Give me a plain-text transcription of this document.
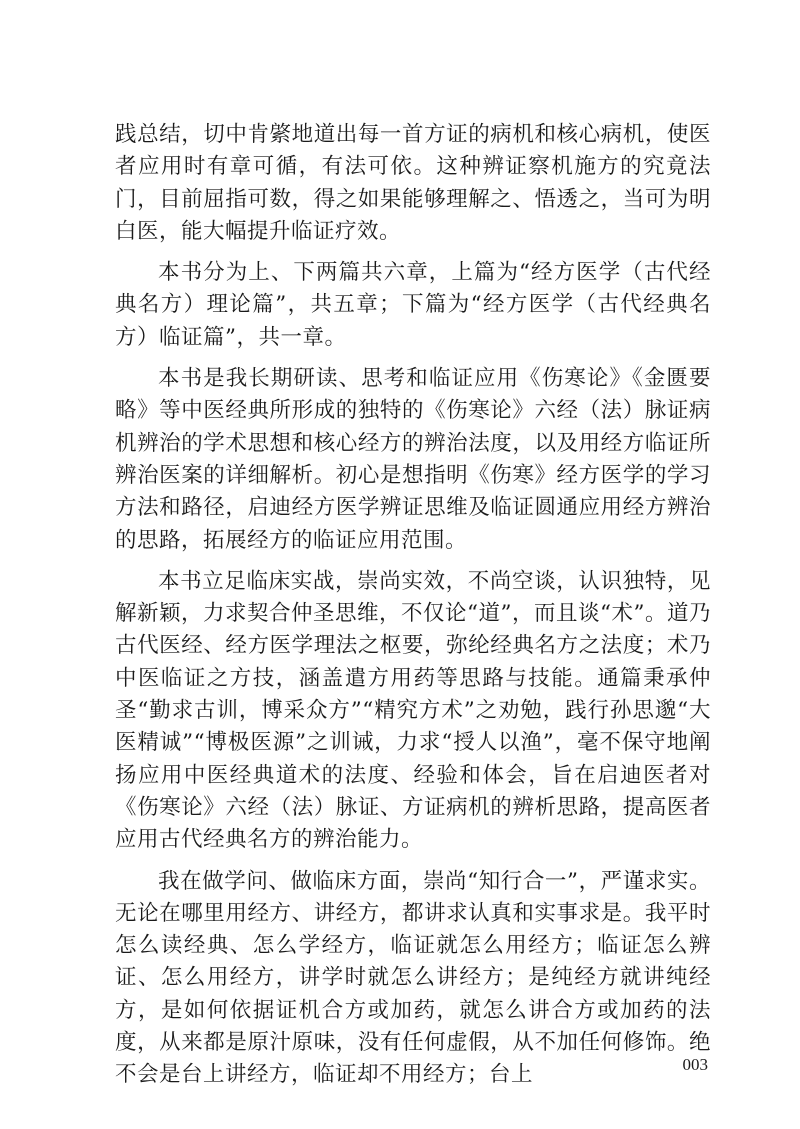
践总结，切中肯綮地道出每一首方证的病机和核心病机，使医者应用时有章可循，有法可依。这种辨证察机施方的究竟法门，目前屈指可数，得之如果能够理解之、悟透之，当可为明白医，能大幅提升临证疗效。

本书分为上、下两篇共六章，上篇为“经方医学（古代经典名方）理论篇”，共五章；下篇为“经方医学（古代经典名方）临证篇”，共一章。

本书是我长期研读、思考和临证应用《伤寒论》《金匮要略》等中医经典所形成的独特的《伤寒论》六经（法）脉证病机辨治的学术思想和核心经方的辨治法度，以及用经方临证所辨治医案的详细解析。初心是想指明《伤寒》经方医学的学习方法和路径，启迪经方医学辨证思维及临证圆通应用经方辨治的思路，拓展经方的临证应用范围。

本书立足临床实战，崇尚实效，不尚空谈，认识独特，见解新颖，力求契合仲圣思维，不仅论“道”，而且谈“术”。道乃古代医经、经方医学理法之枢要，弥纶经典名方之法度；术乃中医临证之方技，涵盖遣方用药等思路与技能。通篇秉承仲圣“勤求古训，博采众方”“精究方术”之劝勉，践行孙思邈“大医精诚”“博极医源”之训诫，力求“授人以渔”，毫不保守地阐扬应用中医经典道术的法度、经验和体会，旨在启迪医者对《伤寒论》六经（法）脉证、方证病机的辨析思路，提高医者应用古代经典名方的辨治能力。

我在做学问、做临床方面，崇尚“知行合一”，严谨求实。无论在哪里用经方、讲经方，都讲求认真和实事求是。我平时怎么读经典、怎么学经方，临证就怎么用经方；临证怎么辨证、怎么用经方，讲学时就怎么讲经方；是纯经方就讲纯经方，是如何依据证机合方或加药，就怎么讲合方或加药的法度，从来都是原汁原味，没有任何虚假，从不加任何修饰。绝不会是台上讲经方，临证却不用经方；台上	003
